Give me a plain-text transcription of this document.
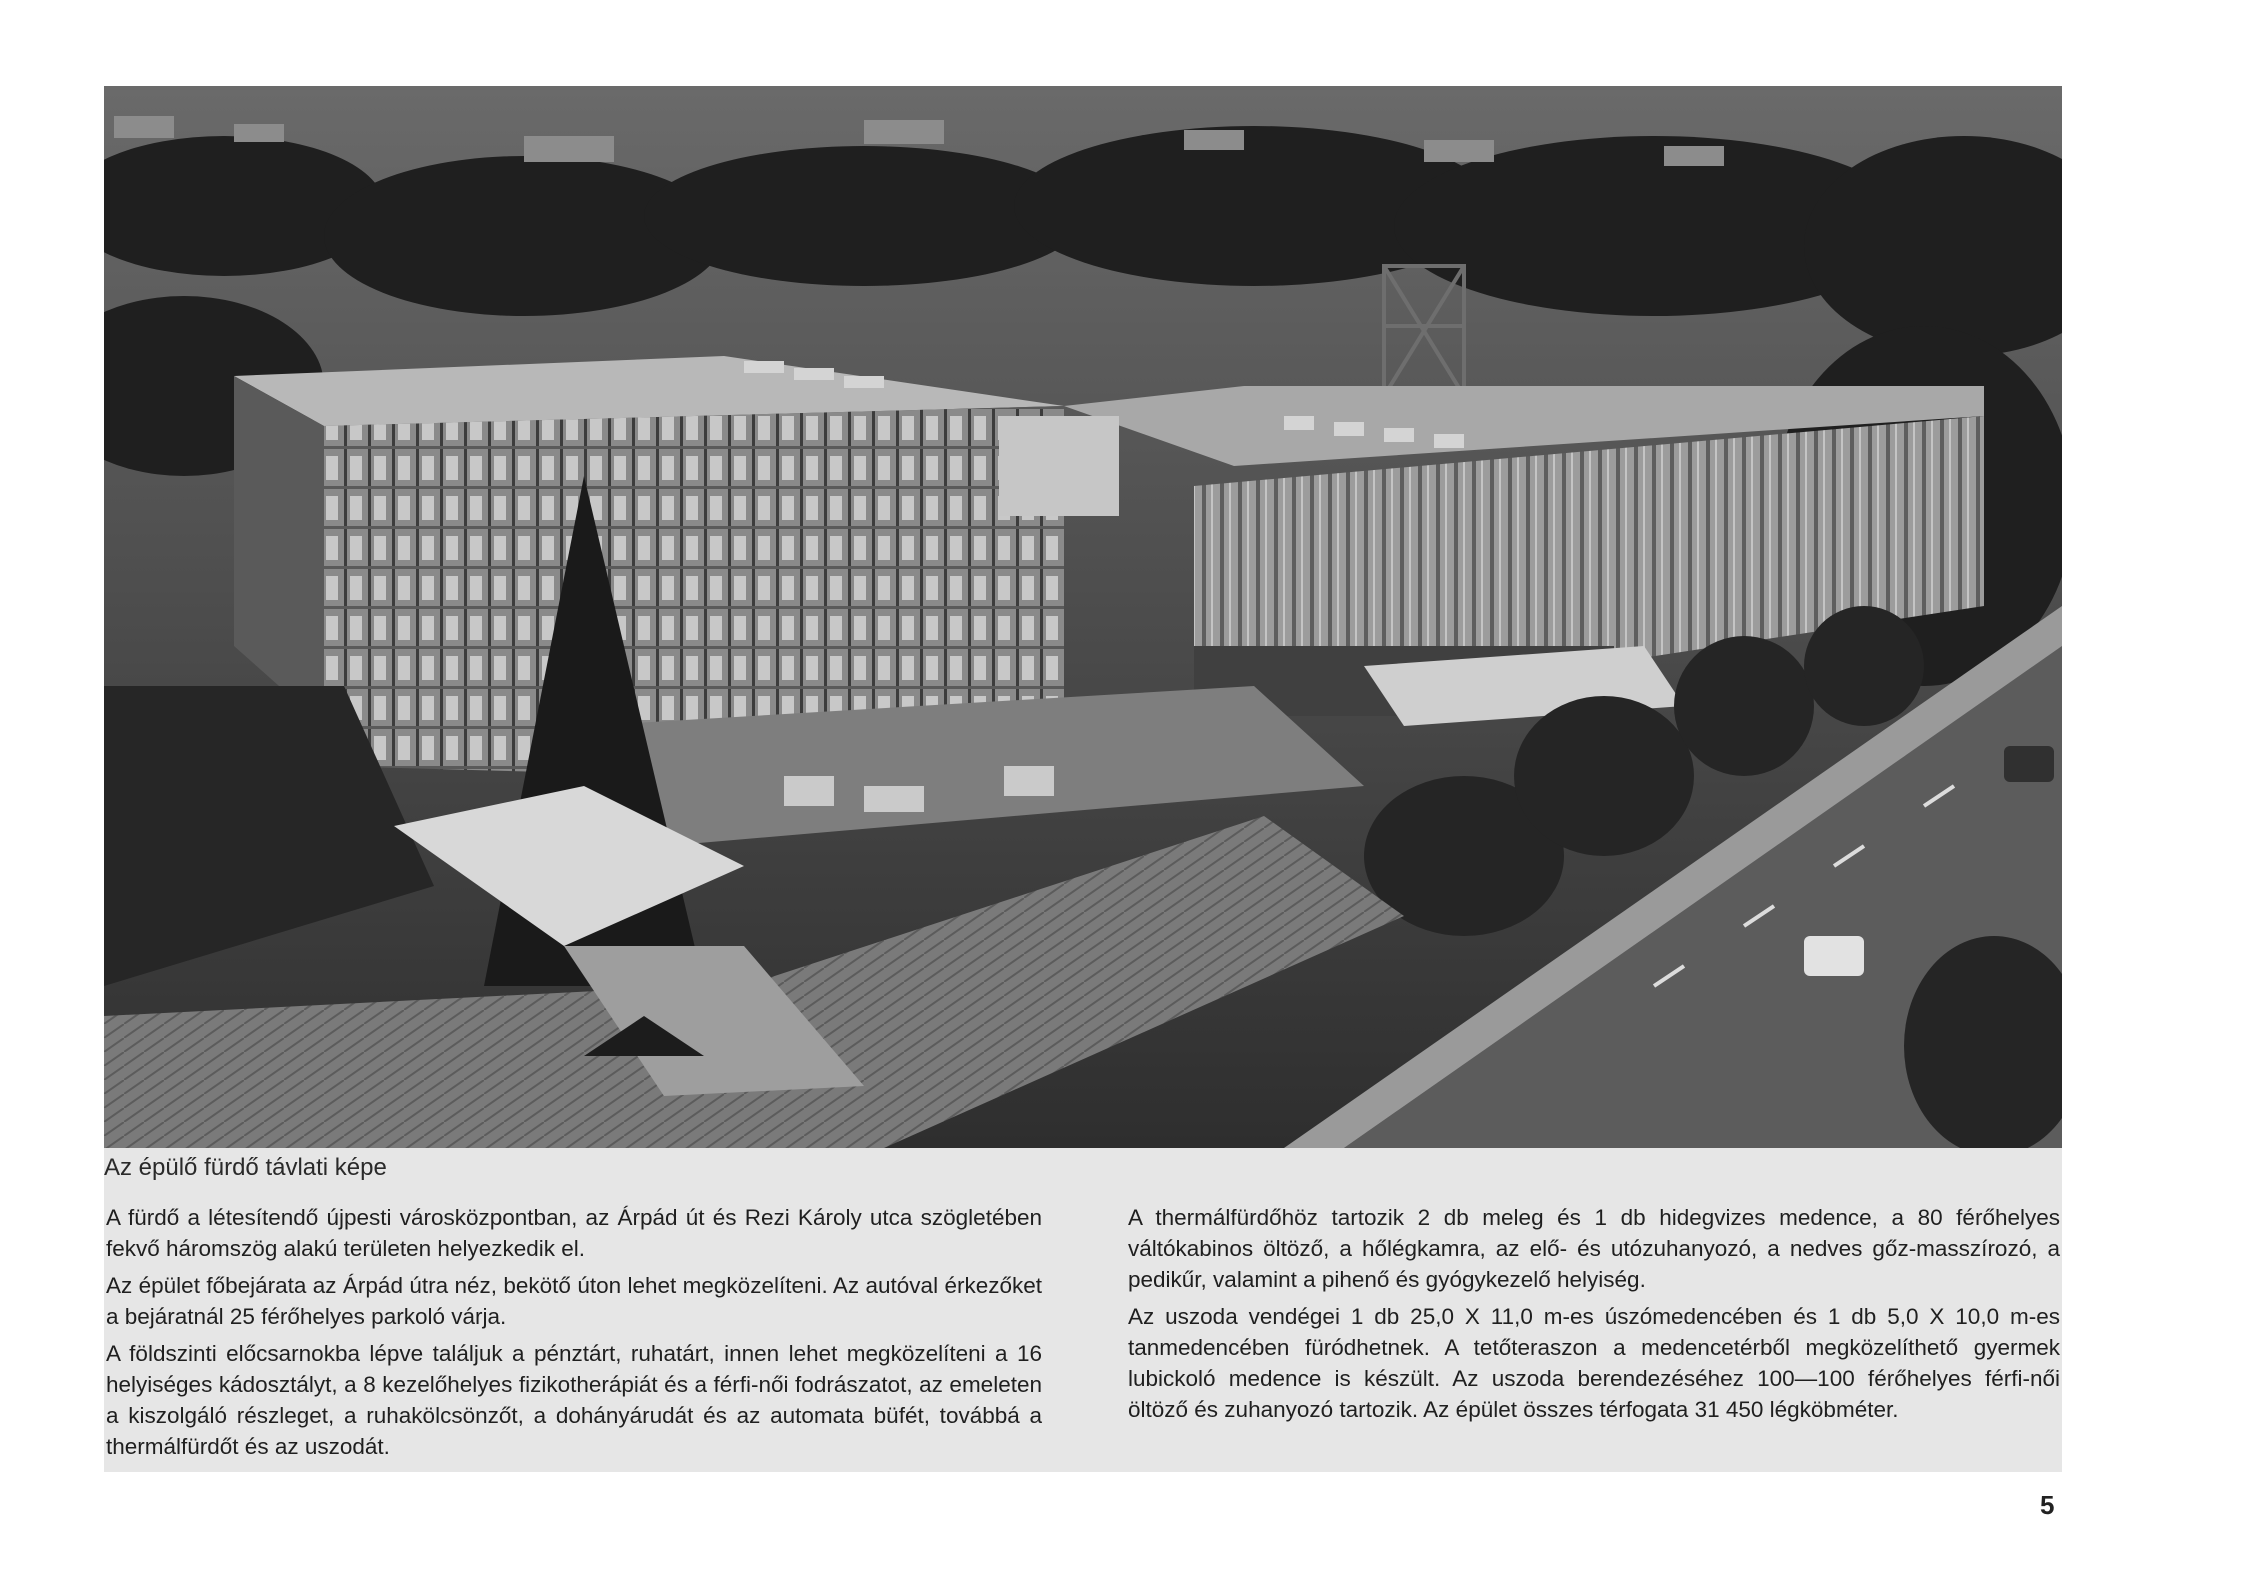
Az épülő fürdő távlati képe

A fürdő a létesítendő újpesti városközpontban, az Árpád út és Rezi Károly utca szögletében fekvő háromszög alakú területen helyezkedik el.

Az épület főbejárata az Árpád útra néz, bekötő úton lehet megközelíteni. Az autóval érkezőket a bejáratnál 25 férőhelyes parkoló várja.

A földszinti előcsarnokba lépve találjuk a pénztárt, ruhatárt, innen lehet megközelíteni a 16 helyiséges kádosztályt, a 8 kezelőhelyes fizikotherápiát és a férfi-női fodrászatot, az emeleten a kiszolgáló részleget, a ruhakölcsönzőt, a dohányárudát és az automata büfét, továbbá a thermálfürdőt és az uszodát.

A thermálfürdőhöz tartozik 2 db meleg és 1 db hidegvizes medence, a 80 férőhelyes váltókabinos öltöző, a hőlégkamra, az elő- és utózuhanyozó, a nedves gőz-masszírozó, a pedikűr, valamint a pihenő és gyógykezelő helyiség.

Az uszoda vendégei 1 db 25,0 X 11,0 m-es úszómedencében és 1 db 5,0 X 10,0 m-es tanmedencében füródhetnek. A tetőteraszon a medencetérből megközelíthető gyermek lubickoló medence is készült. Az uszoda berendezéséhez 100—100 férőhelyes férfi-női öltöző és zuhanyozó tartozik. Az épület összes térfogata 31 450 légköbméter.

5
